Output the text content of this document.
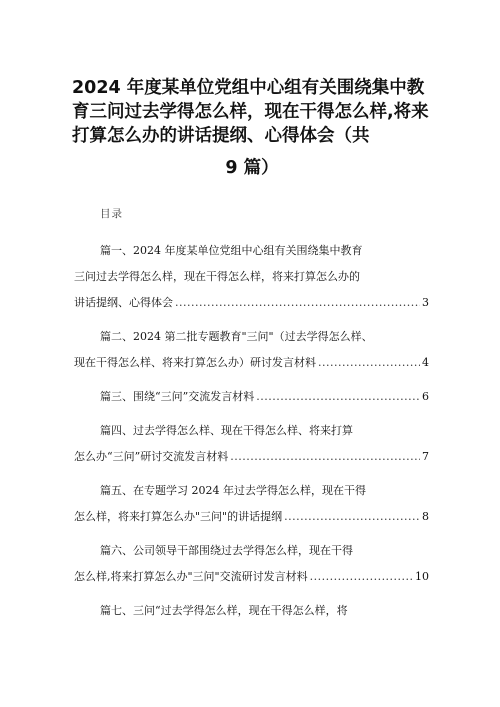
2024 年度某单位党组中心组有关围绕集中教
育三问过去学得怎么样，现在干得怎么样,将来
打算怎么办的讲话提纲、心得体会（共
9 篇）
目录
篇一、2024 年度某单位党组中心组有关围绕集中教育
三问过去学得怎么样，现在干得怎么样，将来打算怎么办的
讲话提纲、心得体会 .....	3
篇二、2024 第二批专题教育"三问"（过去学得怎么样、
现在干得怎么样、将来打算怎么办）研讨发言材料 .....	4
篇三、围绕“三问”交流发言材料 .....	6
篇四、过去学得怎么样、现在干得怎么样、将来打算
怎么办“三问”研讨交流发言材料 .....	7
篇五、在专题学习 2024 年过去学得怎么样，现在干得
怎么样，将来打算怎么办"三问"的讲话提纲 .....	8
篇六、公司领导干部围绕过去学得怎么样，现在干得
怎么样,将来打算怎么办"三问"交流研讨发言材料 .....	10
篇七、三问“过去学得怎么样，现在干得怎么样，将
